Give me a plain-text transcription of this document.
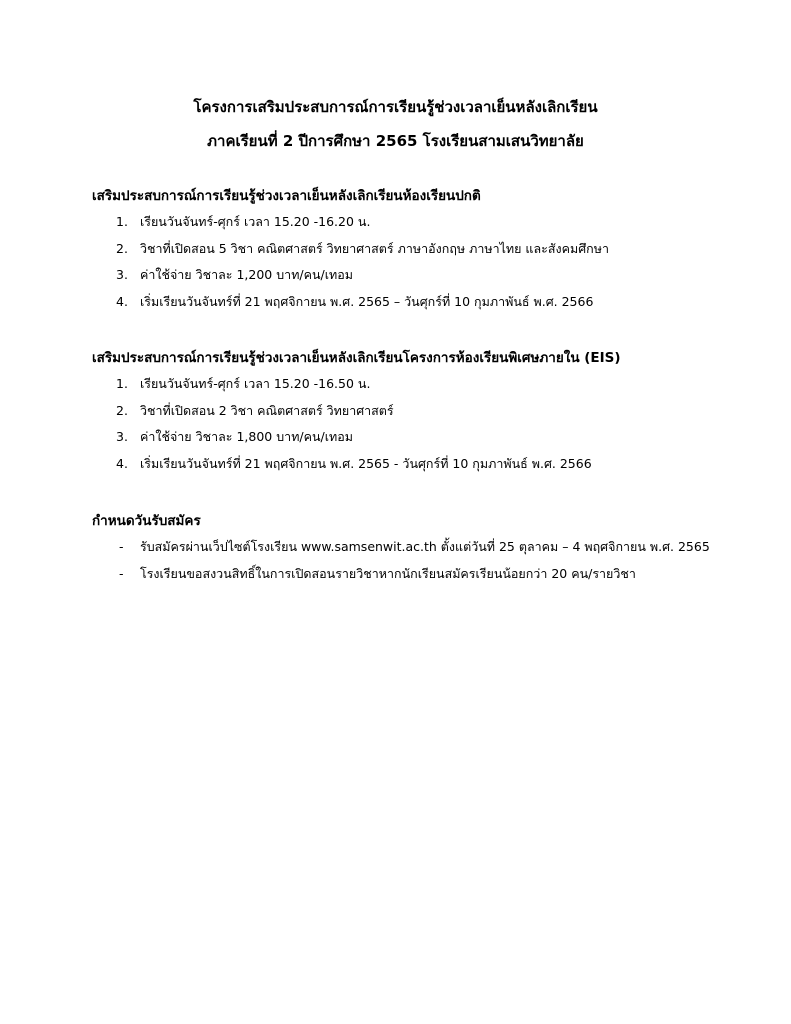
โครงการเสริมประสบการณ์การเรียนรู้ช่วงเวลาเย็นหลังเลิกเรียน
ภาคเรียนที่ 2 ปีการศึกษา 2565 โรงเรียนสามเสนวิทยาลัย
เสริมประสบการณ์การเรียนรู้ช่วงเวลาเย็นหลังเลิกเรียนห้องเรียนปกติ
1. เรียนวันจันทร์-ศุกร์ เวลา 15.20 -16.20 น.
2. วิชาที่เปิดสอน 5 วิชา คณิตศาสตร์ วิทยาศาสตร์ ภาษาอังกฤษ ภาษาไทย และสังคมศึกษา
3. ค่าใช้จ่าย วิชาละ 1,200 บาท/คน/เทอม
4. เริ่มเรียนวันจันทร์ที่ 21 พฤศจิกายน พ.ศ. 2565 – วันศุกร์ที่ 10 กุมภาพันธ์ พ.ศ. 2566
เสริมประสบการณ์การเรียนรู้ช่วงเวลาเย็นหลังเลิกเรียนโครงการห้องเรียนพิเศษภายใน (EIS)
1. เรียนวันจันทร์-ศุกร์ เวลา 15.20 -16.50 น.
2. วิชาที่เปิดสอน 2 วิชา คณิตศาสตร์ วิทยาศาสตร์
3. ค่าใช้จ่าย วิชาละ 1,800 บาท/คน/เทอม
4. เริ่มเรียนวันจันทร์ที่ 21 พฤศจิกายน พ.ศ. 2565 - วันศุกร์ที่ 10 กุมภาพันธ์ พ.ศ. 2566
กำหนดวันรับสมัคร
- รับสมัครผ่านเว็ปไซต์โรงเรียน www.samsenwit.ac.th ตั้งแต่วันที่ 25 ตุลาคม – 4 พฤศจิกายน พ.ศ. 2565
- โรงเรียนขอสงวนสิทธิ์ในการเปิดสอนรายวิชาหากนักเรียนสมัครเรียนน้อยกว่า 20 คน/รายวิชา
